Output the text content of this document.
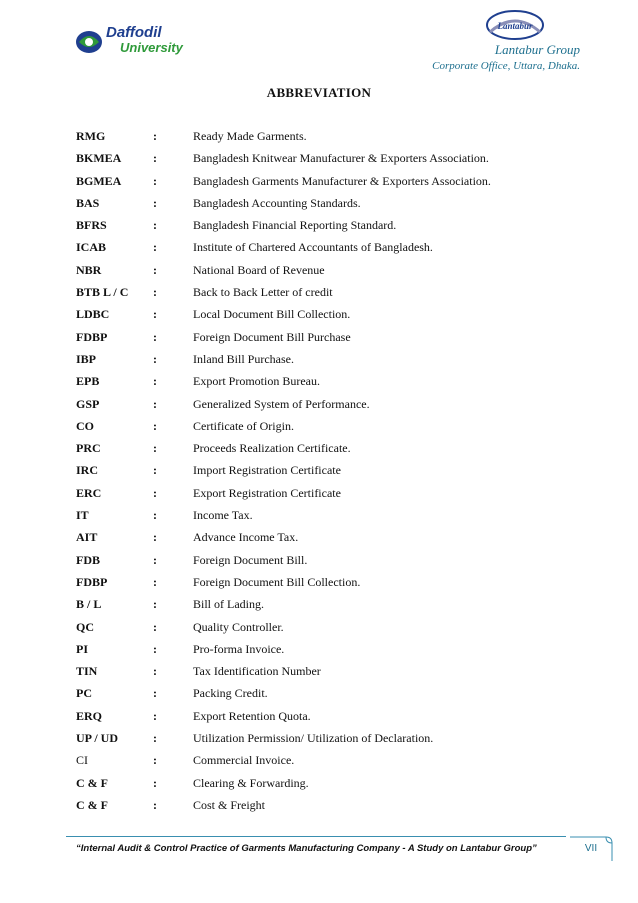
Daffodil
University
Lantabur
Lantabur Group
Corporate Office, Uttara, Dhaka.
ABBREVIATION
RMG	:	Ready Made Garments.
BKMEA	:	Bangladesh Knitwear Manufacturer & Exporters Association.
BGMEA	:	Bangladesh Garments Manufacturer & Exporters Association.
BAS	:	Bangladesh Accounting Standards.
BFRS	:	Bangladesh Financial Reporting Standard.
ICAB	:	Institute of Chartered Accountants of Bangladesh.
NBR	:	National Board of Revenue
BTB L / C :	Back to Back Letter of credit
LDBC	:	Local Document Bill Collection.
FDBP	:	Foreign Document Bill Purchase
IBP	:	Inland Bill Purchase.
EPB	:	Export Promotion Bureau.
GSP	:	Generalized System of Performance.
CO	:	Certificate of Origin.
PRC	:	Proceeds Realization Certificate.
IRC	:	Import Registration Certificate
ERC	:	Export Registration Certificate
IT	:	Income Tax.
AIT	:	Advance Income Tax.
FDB	:	Foreign Document Bill.
FDBP	:	Foreign Document Bill Collection.
B / L	:	Bill of Lading.
QC	:	Quality Controller.
PI	:	Pro-forma Invoice.
TIN	:	Tax Identification Number
PC	:	Packing Credit.
ERQ	:	Export Retention Quota.
UP / UD	:	Utilization Permission/ Utilization of Declaration.
CI	:	Commercial Invoice.
C & F	:	Clearing & Forwarding.
C & F	:	Cost & Freight
“Internal Audit & Control Practice of Garments Manufacturing Company - A Study on Lantabur Group”	VII
